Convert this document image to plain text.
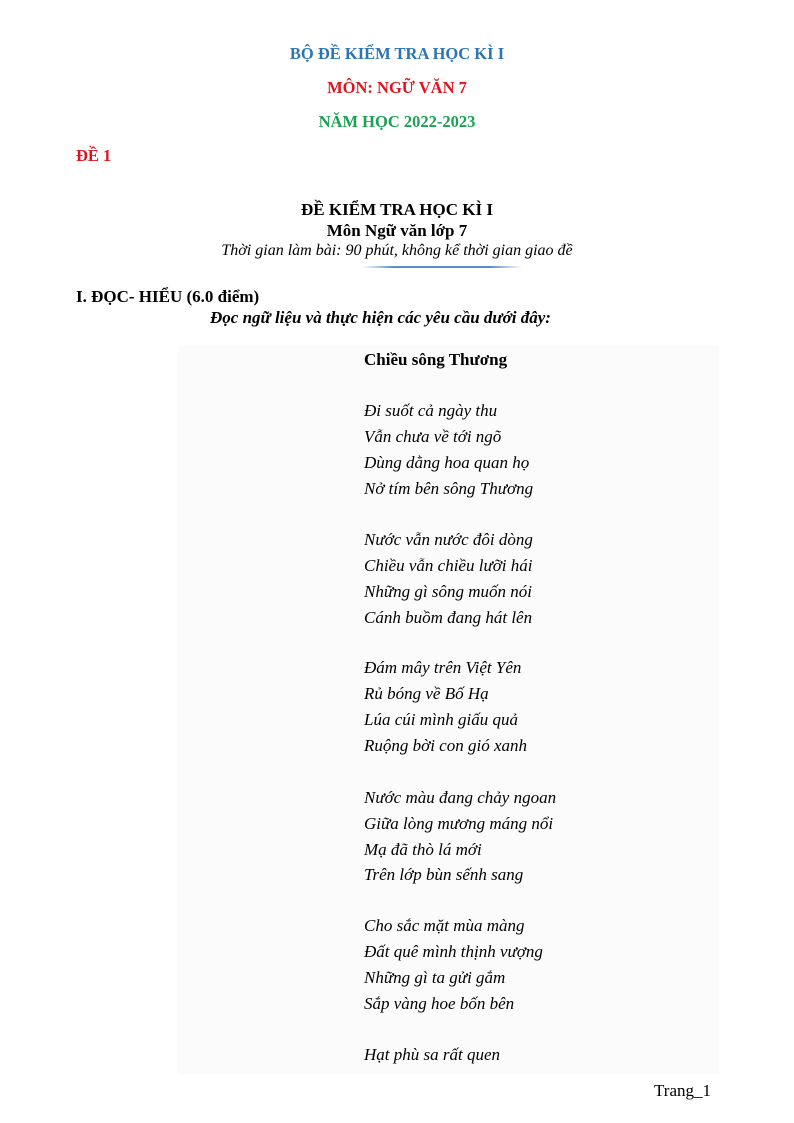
BỘ ĐỀ KIỂM TRA HỌC KÌ I
MÔN: NGỮ VĂN 7
NĂM HỌC 2022-2023
ĐỀ 1
ĐỀ KIỂM TRA HỌC KÌ I
Môn Ngữ văn lớp 7
Thời gian làm bài: 90 phút, không kể thời gian giao đề
I. ĐỌC- HIỂU (6.0 điểm)
Đọc ngữ liệu và thực hiện các yêu cầu dưới đây:
Chiều sông Thương
Đi suốt cả ngày thu
Vẫn chưa về tới ngõ
Dùng dằng hoa quan họ
Nở tím bên sông Thương
Nước vẫn nước đôi dòng
Chiều vẫn chiều lưỡi hái
Những gì sông muốn nói
Cánh buồm đang hát lên
Đám mây trên Việt Yên
Rủ bóng về Bố Hạ
Lúa cúi mình giấu quả
Ruộng bời con gió xanh
Nước màu đang chảy ngoan
Giữa lòng mương máng nổi
Mạ đã thò lá mới
Trên lớp bùn sếnh sang
Cho sắc mặt mùa màng
Đất quê mình thịnh vượng
Những gì ta gửi gắm
Sắp vàng hoe bốn bên
Hạt phù sa rất quen
Trang_1
